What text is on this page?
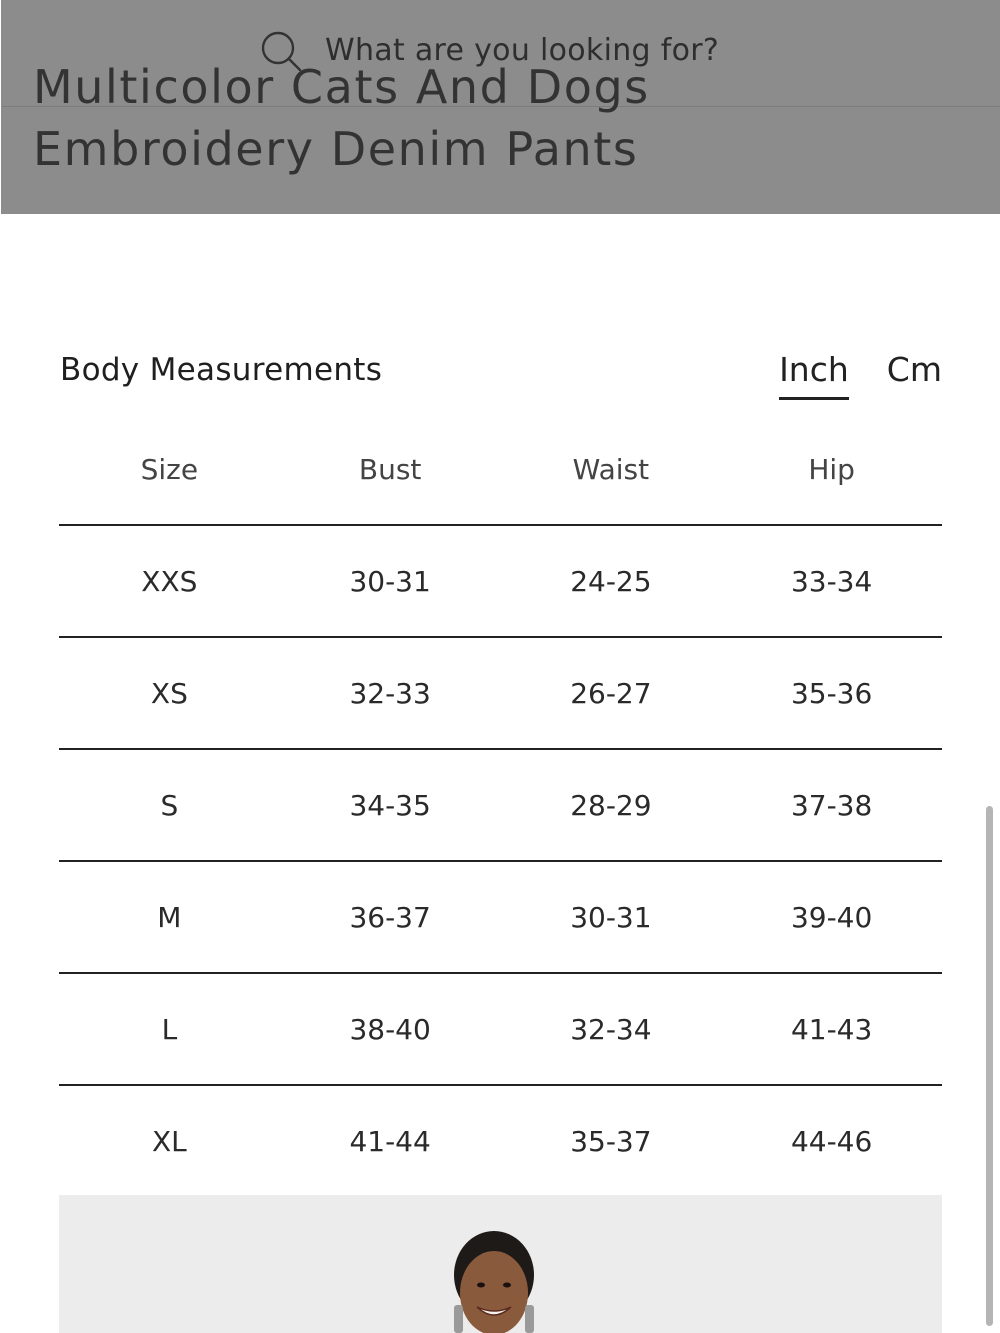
What are you looking for?
Multicolor Cats And Dogs Embroidery Denim Pants
Body Measurements	Inch Cm
Size	Bust	Waist	Hip
XXS	30-31	24-25	33-34
XS	32-33	26-27	35-36
S	34-35	28-29	37-38
M	36-37	30-31	39-40
L	38-40	32-34	41-43
XL	41-44	35-37	44-46
